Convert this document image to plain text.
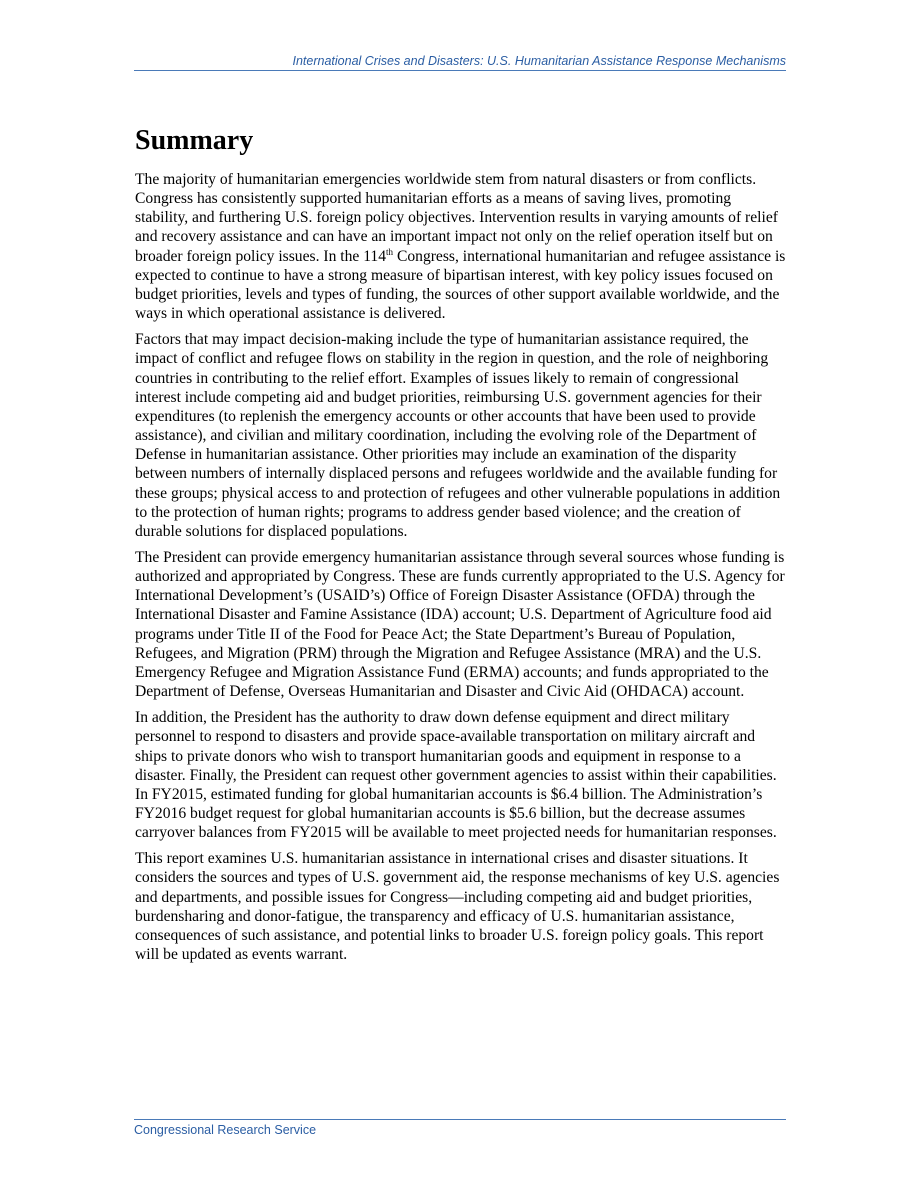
International Crises and Disasters: U.S. Humanitarian Assistance Response Mechanisms
Summary

The majority of humanitarian emergencies worldwide stem from natural disasters or from conflicts. Congress has consistently supported humanitarian efforts as a means of saving lives, promoting stability, and furthering U.S. foreign policy objectives. Intervention results in varying amounts of relief and recovery assistance and can have an important impact not only on the relief operation itself but on broader foreign policy issues. In the 114th Congress, international humanitarian and refugee assistance is expected to continue to have a strong measure of bipartisan interest, with key policy issues focused on budget priorities, levels and types of funding, the sources of other support available worldwide, and the ways in which operational assistance is delivered.

Factors that may impact decision-making include the type of humanitarian assistance required, the impact of conflict and refugee flows on stability in the region in question, and the role of neighboring countries in contributing to the relief effort. Examples of issues likely to remain of congressional interest include competing aid and budget priorities, reimbursing U.S. government agencies for their expenditures (to replenish the emergency accounts or other accounts that have been used to provide assistance), and civilian and military coordination, including the evolving role of the Department of Defense in humanitarian assistance. Other priorities may include an examination of the disparity between numbers of internally displaced persons and refugees worldwide and the available funding for these groups; physical access to and protection of refugees and other vulnerable populations in addition to the protection of human rights; programs to address gender based violence; and the creation of durable solutions for displaced populations.

The President can provide emergency humanitarian assistance through several sources whose funding is authorized and appropriated by Congress. These are funds currently appropriated to the U.S. Agency for International Development’s (USAID’s) Office of Foreign Disaster Assistance (OFDA) through the International Disaster and Famine Assistance (IDA) account; U.S. Department of Agriculture food aid programs under Title II of the Food for Peace Act; the State Department’s Bureau of Population, Refugees, and Migration (PRM) through the Migration and Refugee Assistance (MRA) and the U.S. Emergency Refugee and Migration Assistance Fund (ERMA) accounts; and funds appropriated to the Department of Defense, Overseas Humanitarian and Disaster and Civic Aid (OHDACA) account.

In addition, the President has the authority to draw down defense equipment and direct military personnel to respond to disasters and provide space-available transportation on military aircraft and ships to private donors who wish to transport humanitarian goods and equipment in response to a disaster. Finally, the President can request other government agencies to assist within their capabilities. In FY2015, estimated funding for global humanitarian accounts is $6.4 billion. The Administration’s FY2016 budget request for global humanitarian accounts is $5.6 billion, but the decrease assumes carryover balances from FY2015 will be available to meet projected needs for humanitarian responses.

This report examines U.S. humanitarian assistance in international crises and disaster situations. It considers the sources and types of U.S. government aid, the response mechanisms of key U.S. agencies and departments, and possible issues for Congress—including competing aid and budget priorities, burdensharing and donor-fatigue, the transparency and efficacy of U.S. humanitarian assistance, consequences of such assistance, and potential links to broader U.S. foreign policy goals. This report will be updated as events warrant.

Congressional Research Service
